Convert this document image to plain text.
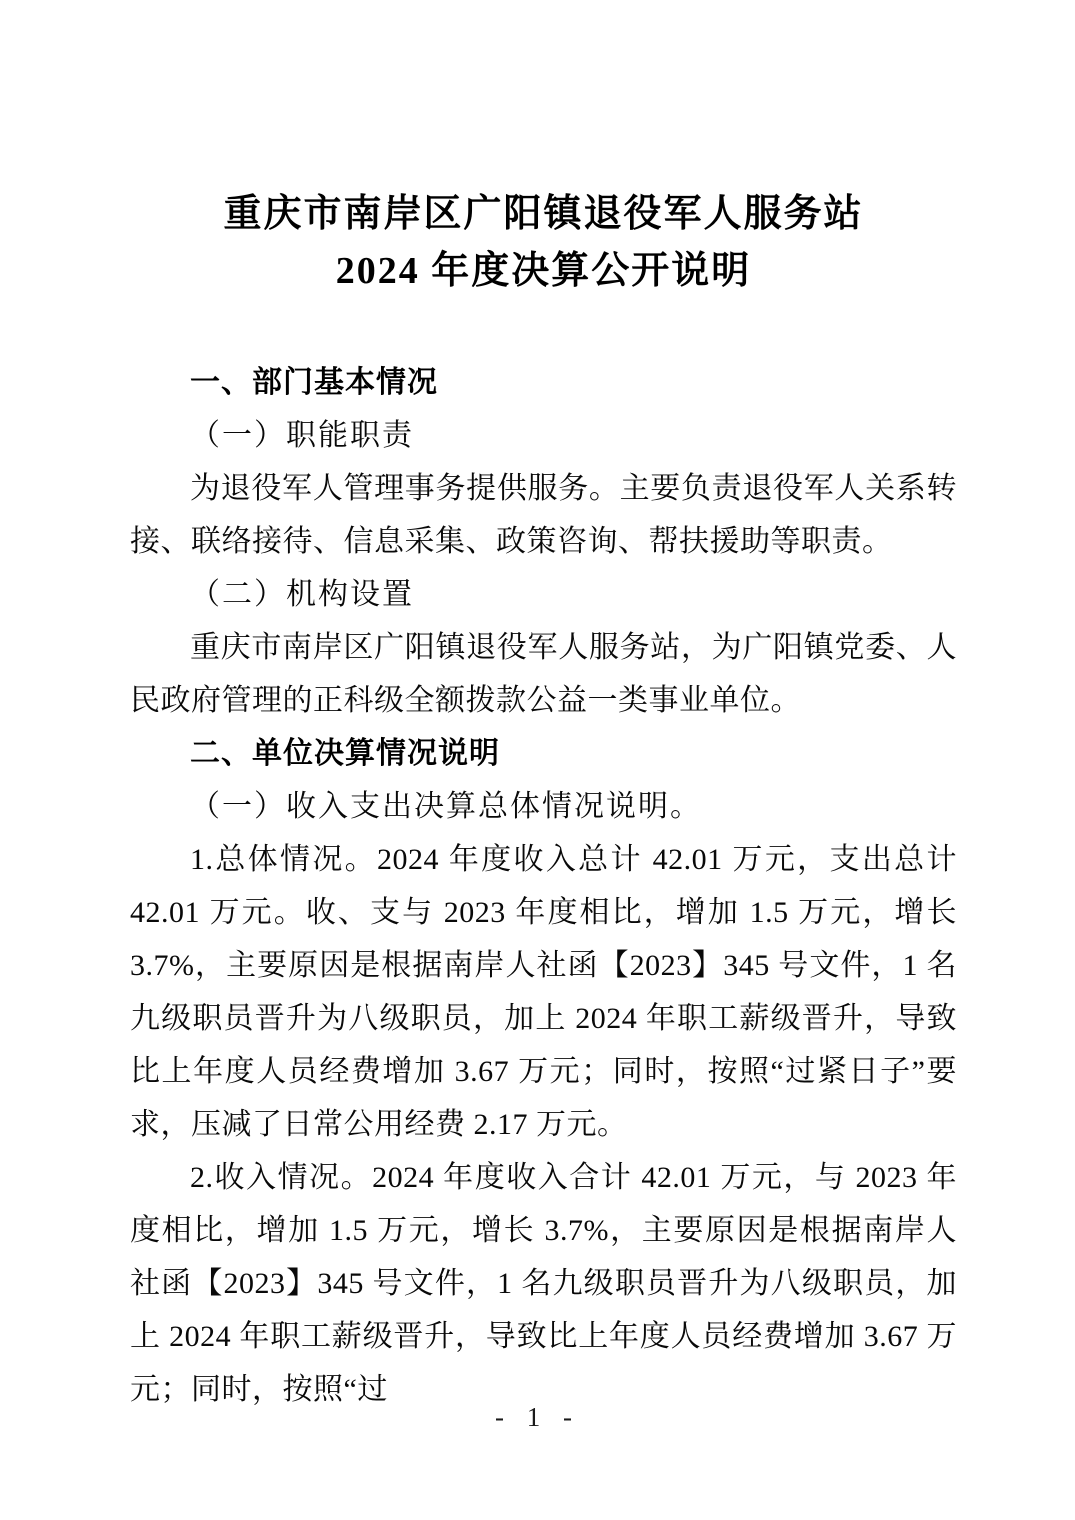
重庆市南岸区广阳镇退役军人服务站
2024 年度决算公开说明

一、部门基本情况

（一）职能职责

为退役军人管理事务提供服务。主要负责退役军人关系转接、联络接待、信息采集、政策咨询、帮扶援助等职责。

（二）机构设置

重庆市南岸区广阳镇退役军人服务站，为广阳镇党委、人民政府管理的正科级全额拨款公益一类事业单位。

二、单位决算情况说明

（一）收入支出决算总体情况说明。

1.总体情况。2024 年度收入总计 42.01 万元，支出总计 42.01 万元。收、支与 2023 年度相比，增加 1.5 万元，增长 3.7%，主要原因是根据南岸人社函【2023】345 号文件，1 名九级职员晋升为八级职员，加上 2024 年职工薪级晋升，导致比上年度人员经费增加 3.67 万元；同时，按照“过紧日子”要求，压减了日常公用经费 2.17 万元。

2.收入情况。2024 年度收入合计 42.01 万元，与 2023 年度相比，增加 1.5 万元，增长 3.7%，主要原因是根据南岸人社函【2023】345 号文件，1 名九级职员晋升为八级职员，加上 2024 年职工薪级晋升，导致比上年度人员经费增加 3.67 万元；同时，按照“过

- 1 -
